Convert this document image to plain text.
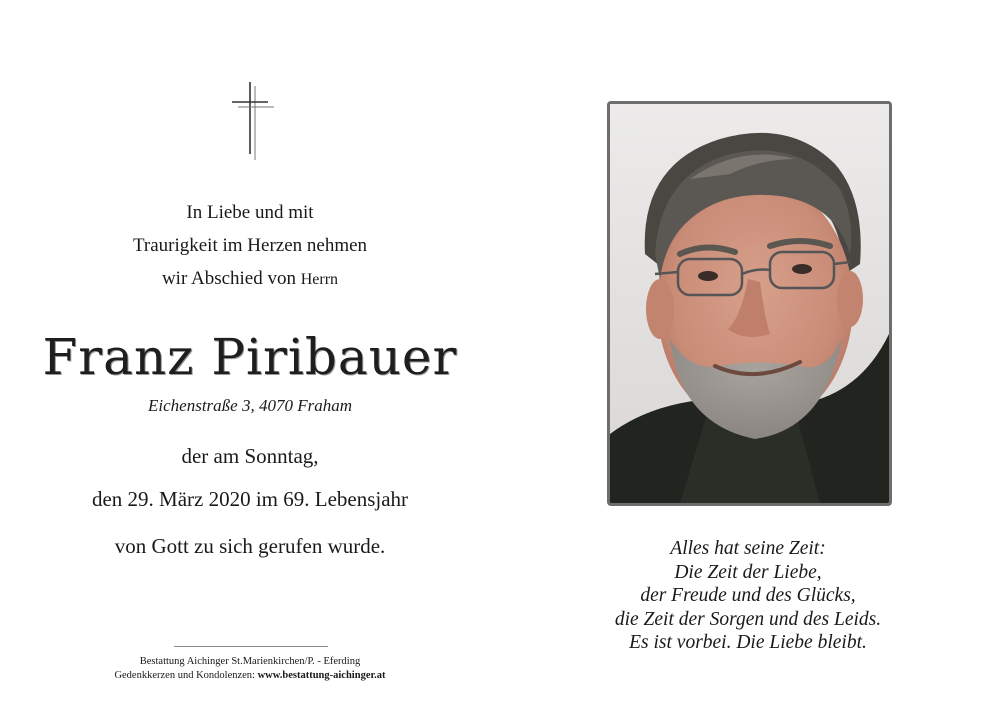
In Liebe und mit
Traurigkeit im Herzen nehmen
wir Abschied von Herrn
Franz Piribauer
Eichenstraße 3, 4070 Fraham
der am Sonntag,
den 29. März 2020 im 69. Lebensjahr
von Gott zu sich gerufen wurde.
Bestattung Aichinger St.Marienkirchen/P. - Eferding
Gedenkkerzen und Kondolenzen: www.bestattung-aichinger.at
Alles hat seine Zeit:
Die Zeit der Liebe,
der Freude und des Glücks,
die Zeit der Sorgen und des Leids.
Es ist vorbei. Die Liebe bleibt.
